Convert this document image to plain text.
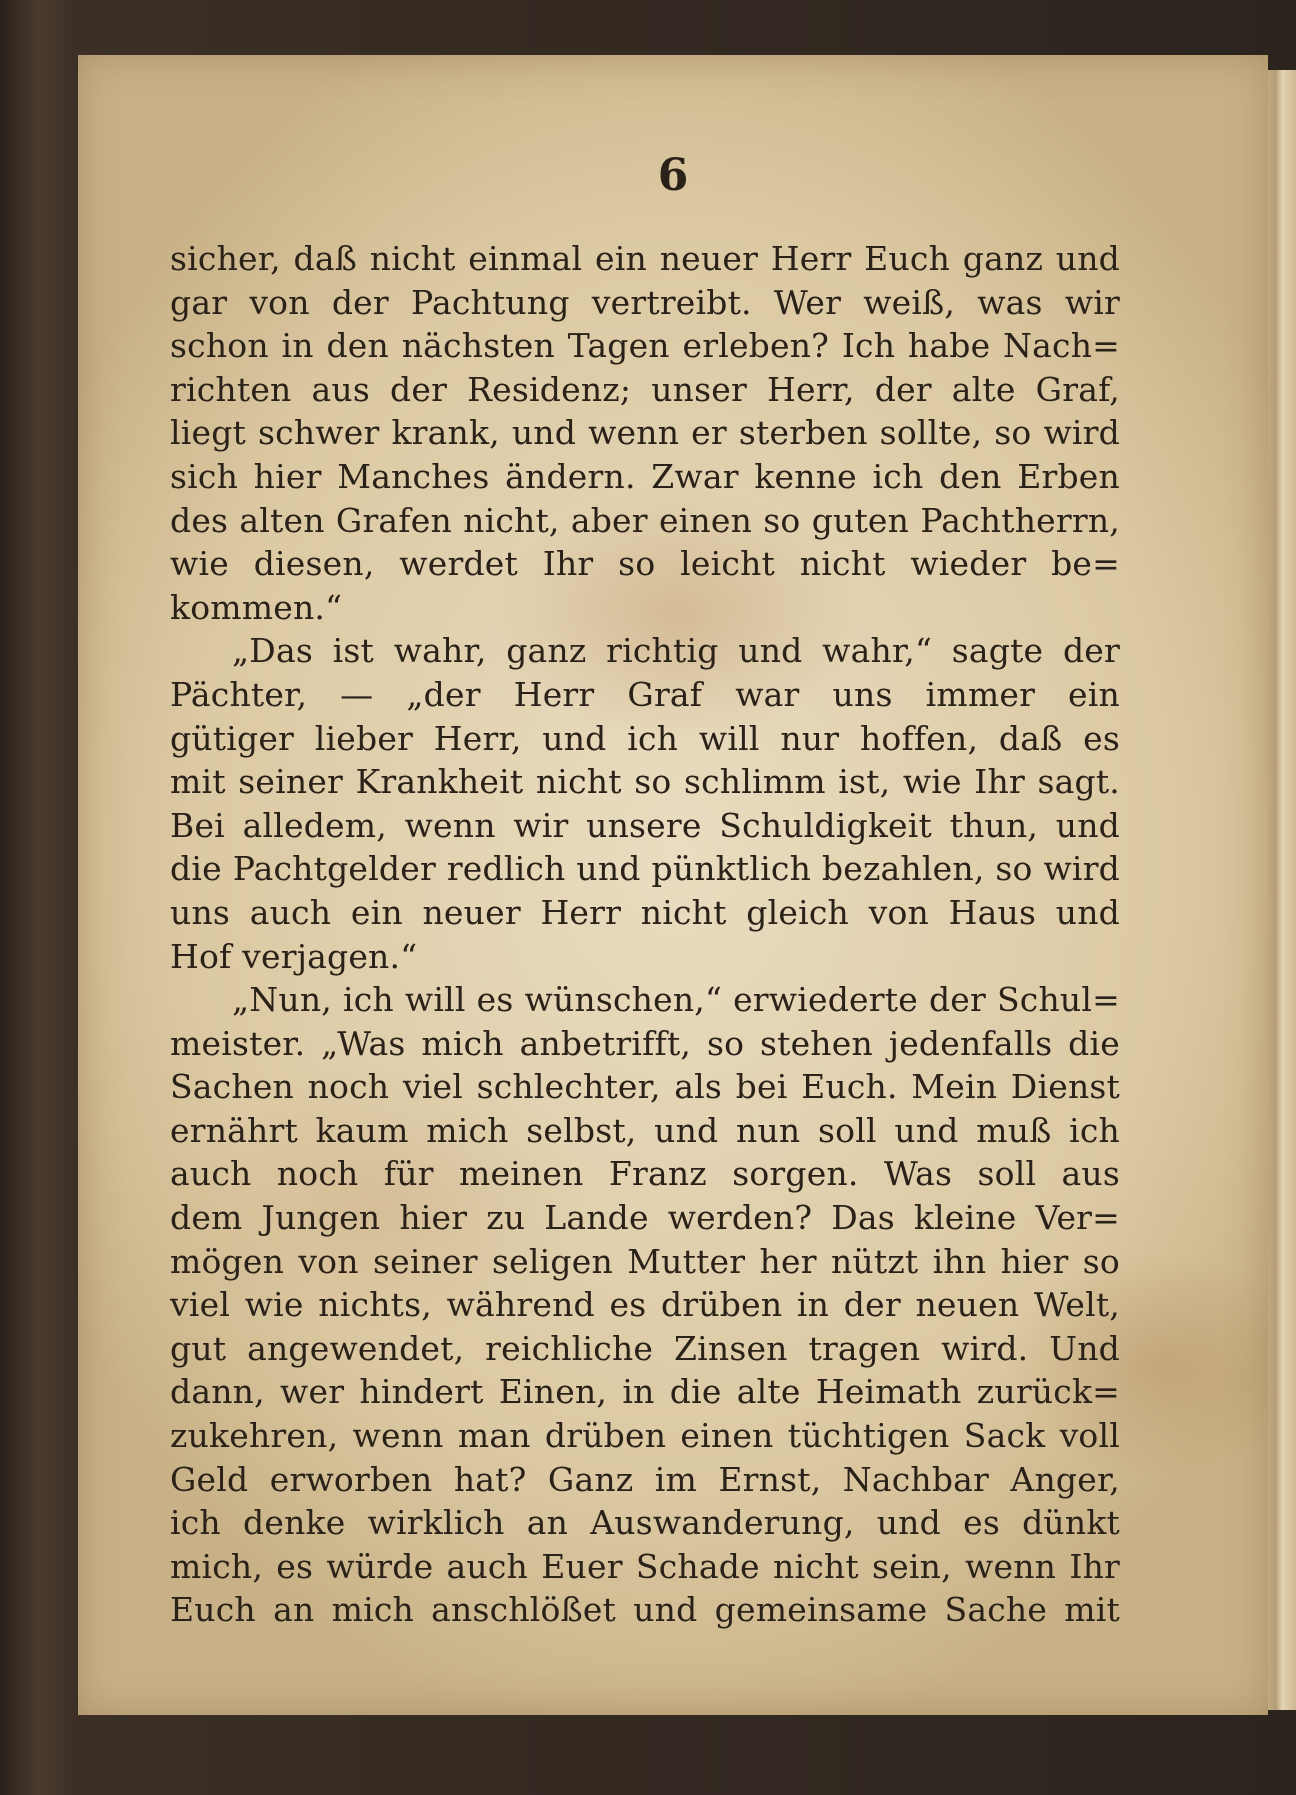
6
sicher, daß nicht einmal ein neuer Herr Euch ganz und
gar von der Pachtung vertreibt. Wer weiß, was wir
schon in den nächsten Tagen erleben? Ich habe Nach=
richten aus der Residenz; unser Herr, der alte Graf,
liegt schwer krank, und wenn er sterben sollte, so wird
sich hier Manches ändern. Zwar kenne ich den Erben
des alten Grafen nicht, aber einen so guten Pachtherrn,
wie diesen, werdet Ihr so leicht nicht wieder be=
kommen.“
„Das ist wahr, ganz richtig und wahr,“ sagte der
Pächter, — „der Herr Graf war uns immer ein
gütiger lieber Herr, und ich will nur hoffen, daß es
mit seiner Krankheit nicht so schlimm ist, wie Ihr sagt.
Bei alledem, wenn wir unsere Schuldigkeit thun, und
die Pachtgelder redlich und pünktlich bezahlen, so wird
uns auch ein neuer Herr nicht gleich von Haus und
Hof verjagen.“
„Nun, ich will es wünschen,“ erwiederte der Schul=
meister. „Was mich anbetrifft, so stehen jedenfalls die
Sachen noch viel schlechter, als bei Euch. Mein Dienst
ernährt kaum mich selbst, und nun soll und muß ich
auch noch für meinen Franz sorgen. Was soll aus
dem Jungen hier zu Lande werden? Das kleine Ver=
mögen von seiner seligen Mutter her nützt ihn hier so
viel wie nichts, während es drüben in der neuen Welt,
gut angewendet, reichliche Zinsen tragen wird. Und
dann, wer hindert Einen, in die alte Heimath zurück=
zukehren, wenn man drüben einen tüchtigen Sack voll
Geld erworben hat? Ganz im Ernst, Nachbar Anger,
ich denke wirklich an Auswanderung, und es dünkt
mich, es würde auch Euer Schade nicht sein, wenn Ihr
Euch an mich anschlößet und gemeinsame Sache mit
